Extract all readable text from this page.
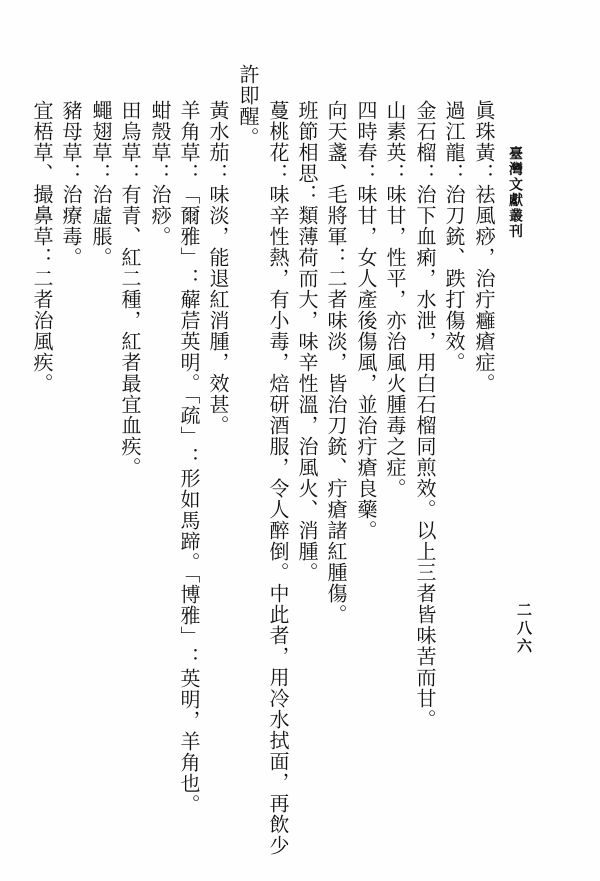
臺灣文獻叢刊
二八六
眞珠黃：祛風痧，治疔癰瘡症。
過江龍：治刀銃、跌打傷效。
金石榴：治下血痢，水泄，用白石榴同煎效。以上三者皆味苦而甘。
山素英：味甘，性平，亦治風火腫毒之症。
四時春：味甘，女人產後傷風，並治疔瘡良藥。
向天盞、毛將軍：二者味淡，皆治刀銃、疔瘡諸紅腫傷。
班節相思：類薄荷而大，味辛性溫，治風火、消腫。
蔓桃花：味辛性熱，有小毒，焙研酒服，令人醉倒。中此者，用冷水拭面，再飲少
許即醒。
黃水茄：味淡，能退紅消腫，效甚。
羊角草：「爾雅」：薢茩英明。「疏」：形如馬蹄。「博雅」：英明，羊角也。
蚶殼草：治痧。
田烏草：有青、紅二種，紅者最宜血疾。
蠅翅草：治虛脹。
豬母草：治療毒。
宜梧草、撮鼻草：二者治風疾。
